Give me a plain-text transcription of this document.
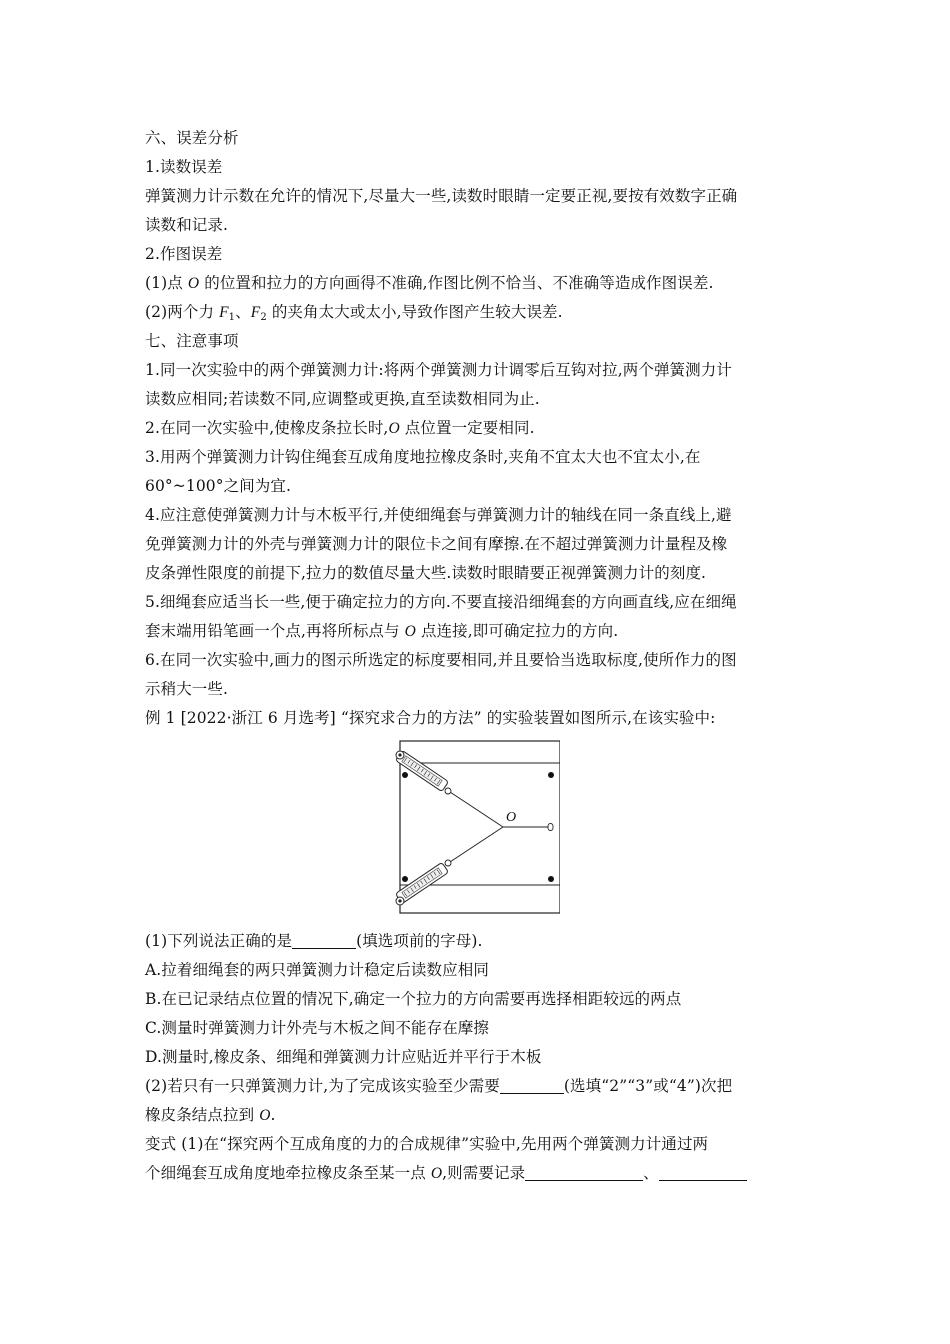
六、误差分析
1.读数误差
弹簧测力计示数在允许的情况下,尽量大一些,读数时眼睛一定要正视,要按有效数字正确
读数和记录.
2.作图误差
(1)点 O 的位置和拉力的方向画得不准确,作图比例不恰当、不准确等造成作图误差.
(2)两个力 $F_1$、$F_2$ 的夹角太大或太小,导致作图产生较大误差.
七、注意事项
1.同一次实验中的两个弹簧测力计:将两个弹簧测力计调零后互钩对拉,两个弹簧测力计
读数应相同;若读数不同,应调整或更换,直至读数相同为止.
2.在同一次实验中,使橡皮条拉长时,O 点位置一定要相同.
3.用两个弹簧测力计钩住绳套互成角度地拉橡皮条时,夹角不宜太大也不宜太小,在
60°~100°之间为宜.
4.应注意使弹簧测力计与木板平行,并使细绳套与弹簧测力计的轴线在同一条直线上,避
免弹簧测力计的外壳与弹簧测力计的限位卡之间有摩擦.在不超过弹簧测力计量程及橡
皮条弹性限度的前提下,拉力的数值尽量大些.读数时眼睛要正视弹簧测力计的刻度.
5.细绳套应适当长一些,便于确定拉力的方向.不要直接沿细绳套的方向画直线,应在细绳
套末端用铅笔画一个点,再将所标点与 O 点连接,即可确定拉力的方向.
6.在同一次实验中,画力的图示所选定的标度要相同,并且要恰当选取标度,使所作力的图
示稍大一些.
例 1 [2022·浙江 6 月选考] “探究求合力的方法” 的实验装置如图所示,在该实验中:
O
(1)下列说法正确的是	(填选项前的字母).
A.拉着细绳套的两只弹簧测力计稳定后读数应相同
B.在已记录结点位置的情况下,确定一个拉力的方向需要再选择相距较远的两点
C.测量时弹簧测力计外壳与木板之间不能存在摩擦
D.测量时,橡皮条、细绳和弹簧测力计应贴近并平行于木板
(2)若只有一只弹簧测力计,为了完成该实验至少需要	(选填“2”“3”或“4”)次把
橡皮条结点拉到 O.
变式 (1)在“探究两个互成角度的力的合成规律”实验中,先用两个弹簧测力计通过两
个细绳套互成角度地牵拉橡皮条至某一点 O,则需要记录	、
